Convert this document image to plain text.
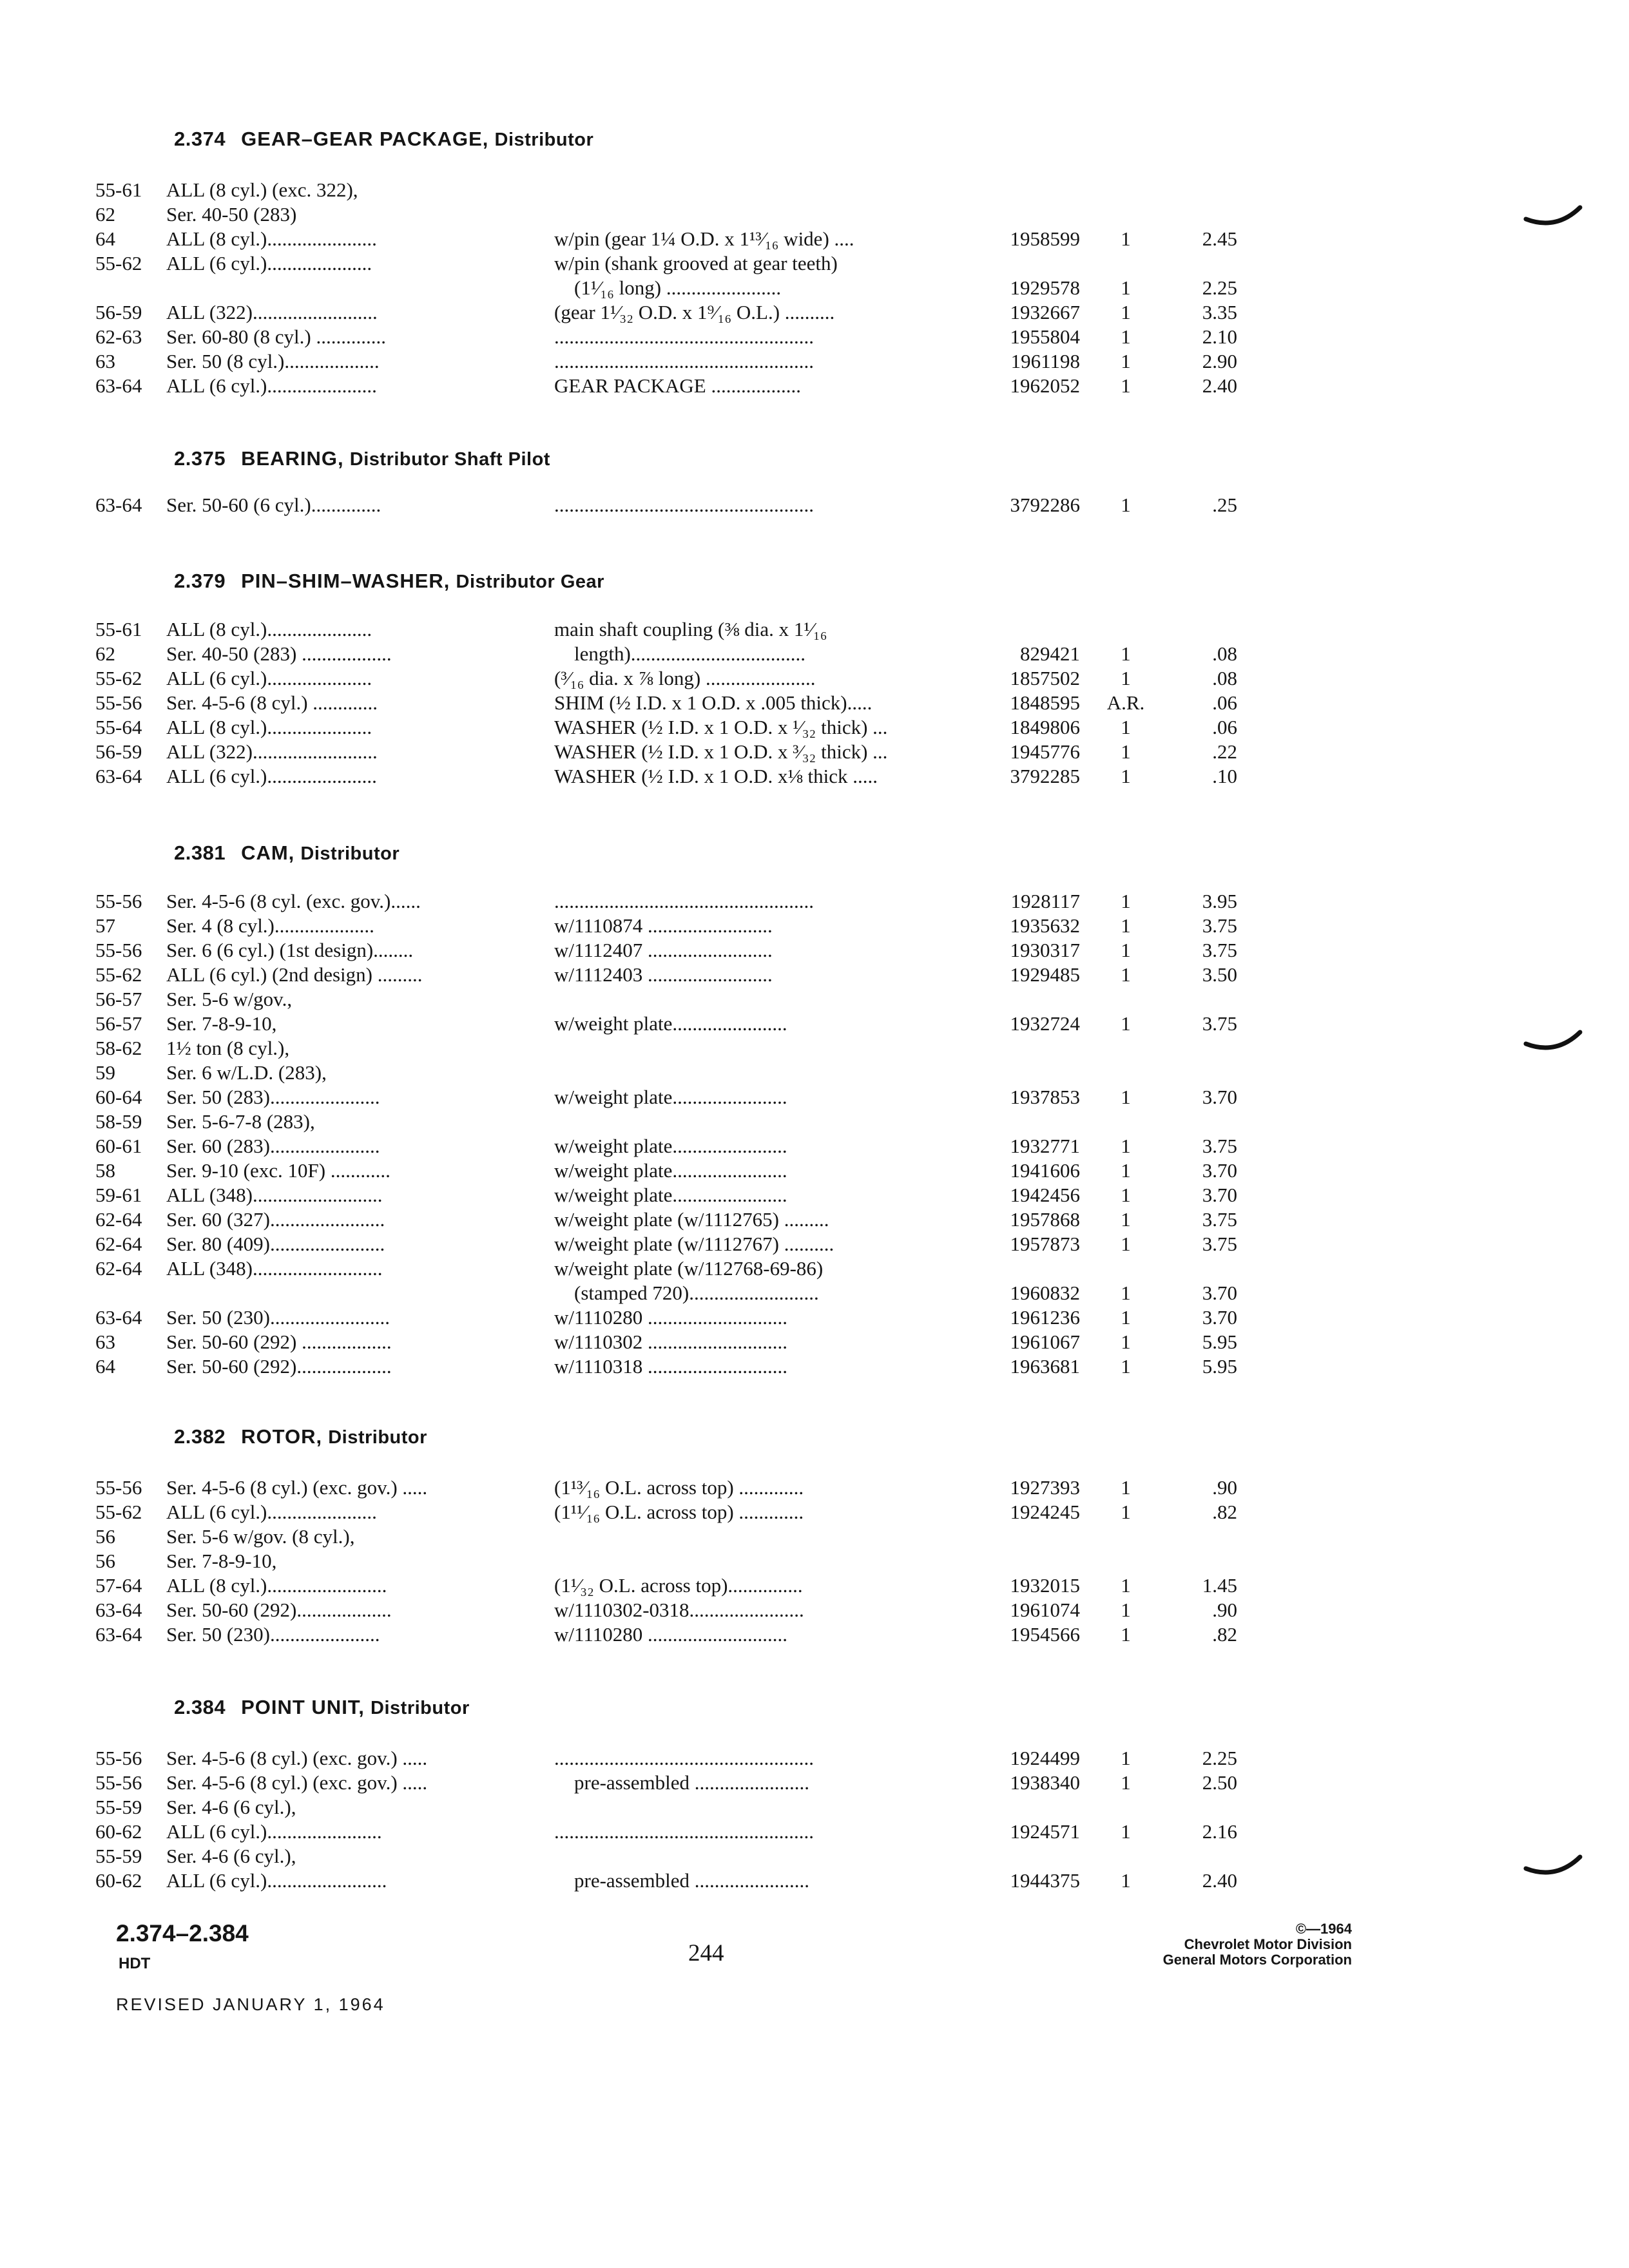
2.374 GEAR–GEAR PACKAGE, Distributor
55-61 ALL (8 cyl.) (exc. 322),
62	Ser. 40-50 (283)
64	ALL (8 cyl.)......................	w/pin (gear 1¼ O.D. x 1¹³⁄₁₆ wide) ....	1958599	1	2.45
55-62 ALL (6 cyl.).....................	w/pin (shank grooved at gear teeth)
 (1¹⁄₁₆ long) .......................	1929578	1	2.25
56-59 ALL (322).........................	(gear 1¹⁄₃₂ O.D. x 1⁹⁄₁₆ O.L.) ..........	1932667	1	3.35
62-63 Ser. 60-80 (8 cyl.) ..............	....................................................	1955804	1	2.10
63	Ser. 50 (8 cyl.)...................	....................................................	1961198	1	2.90
63-64 ALL (6 cyl.)......................	GEAR PACKAGE ..................	1962052	1	2.40
2.375 BEARING, Distributor Shaft Pilot
63-64 Ser. 50-60 (6 cyl.)..............	....................................................	3792286	1	.25
2.379 PIN–SHIM–WASHER, Distributor Gear
55-61 ALL (8 cyl.).....................	main shaft coupling (⅜ dia. x 1¹⁄₁₆
62	Ser. 40-50 (283) ..................	 length)...................................	829421	1	.08
55-62 ALL (6 cyl.).....................	(³⁄₁₆ dia. x ⅞ long) ......................	1857502	1	.08
55-56 Ser. 4-5-6 (8 cyl.) .............	SHIM (½ I.D. x 1 O.D. x .005 thick).....	1848595	A.R.	.06
55-64 ALL (8 cyl.).....................	WASHER (½ I.D. x 1 O.D. x ¹⁄₃₂ thick) ...	1849806	1	.06
56-59 ALL (322).........................	WASHER (½ I.D. x 1 O.D. x ³⁄₃₂ thick) ...	1945776	1	.22
63-64 ALL (6 cyl.)......................	WASHER (½ I.D. x 1 O.D. x⅛ thick .....	3792285	1	.10
2.381 CAM, Distributor
55-56 Ser. 4-5-6 (8 cyl. (exc. gov.)......	....................................................	1928117	1	3.95
57	Ser. 4 (8 cyl.)....................	w/1110874 .........................	1935632	1	3.75
55-56 Ser. 6 (6 cyl.) (1st design)........	w/1112407 .........................	1930317	1	3.75
55-62 ALL (6 cyl.) (2nd design) .........	w/1112403 .........................	1929485	1	3.50
56-57 Ser. 5-6 w/gov.,
56-57 Ser. 7-8-9-10,	w/weight plate.......................	1932724	1	3.75
58-62 1½ ton (8 cyl.),
59	Ser. 6 w/L.D. (283),
60-64 Ser. 50 (283)......................	w/weight plate.......................	1937853	1	3.70
58-59 Ser. 5-6-7-8 (283),
60-61 Ser. 60 (283)......................	w/weight plate.......................	1932771	1	3.75
58	Ser. 9-10 (exc. 10F) ............	w/weight plate.......................	1941606	1	3.70
59-61 ALL (348)..........................	w/weight plate.......................	1942456	1	3.70
62-64 Ser. 60 (327).......................	w/weight plate (w/1112765) .........	1957868	1	3.75
62-64 Ser. 80 (409).......................	w/weight plate (w/1112767) ..........	1957873	1	3.75
62-64 ALL (348)..........................	w/weight plate (w/112768-69-86)
 (stamped 720)..........................	1960832	1	3.70
63-64 Ser. 50 (230)........................	w/1110280 ............................	1961236	1	3.70
63	Ser. 50-60 (292) ..................	w/1110302 ............................	1961067	1	5.95
64	Ser. 50-60 (292)...................	w/1110318 ............................	1963681	1	5.95
2.382 ROTOR, Distributor
55-56 Ser. 4-5-6 (8 cyl.) (exc. gov.) .....	(1¹³⁄₁₆ O.L. across top) .............	1927393	1	.90
55-62 ALL (6 cyl.)......................	(1¹¹⁄₁₆ O.L. across top) .............	1924245	1	.82
56	Ser. 5-6 w/gov. (8 cyl.),
56	Ser. 7-8-9-10,
57-64 ALL (8 cyl.)........................	(1¹⁄₃₂ O.L. across top)...............	1932015	1	1.45
63-64 Ser. 50-60 (292)...................	w/1110302-0318.......................	1961074	1	.90
63-64 Ser. 50 (230)......................	w/1110280 ............................	1954566	1	.82
2.384 POINT UNIT, Distributor
55-56 Ser. 4-5-6 (8 cyl.) (exc. gov.) .....	....................................................	1924499	1	2.25
55-56 Ser. 4-5-6 (8 cyl.) (exc. gov.) .....	 pre-assembled .......................	1938340	1	2.50
55-59 Ser. 4-6 (6 cyl.),
60-62 ALL (6 cyl.).......................	....................................................	1924571	1	2.16
55-59 Ser. 4-6 (6 cyl.),
60-62 ALL (6 cyl.)........................	 pre-assembled .......................	1944375	1	2.40
2.374–2.384
HDT
REVISED JANUARY 1, 1964
244
©—1964
Chevrolet Motor Division
General Motors Corporation
